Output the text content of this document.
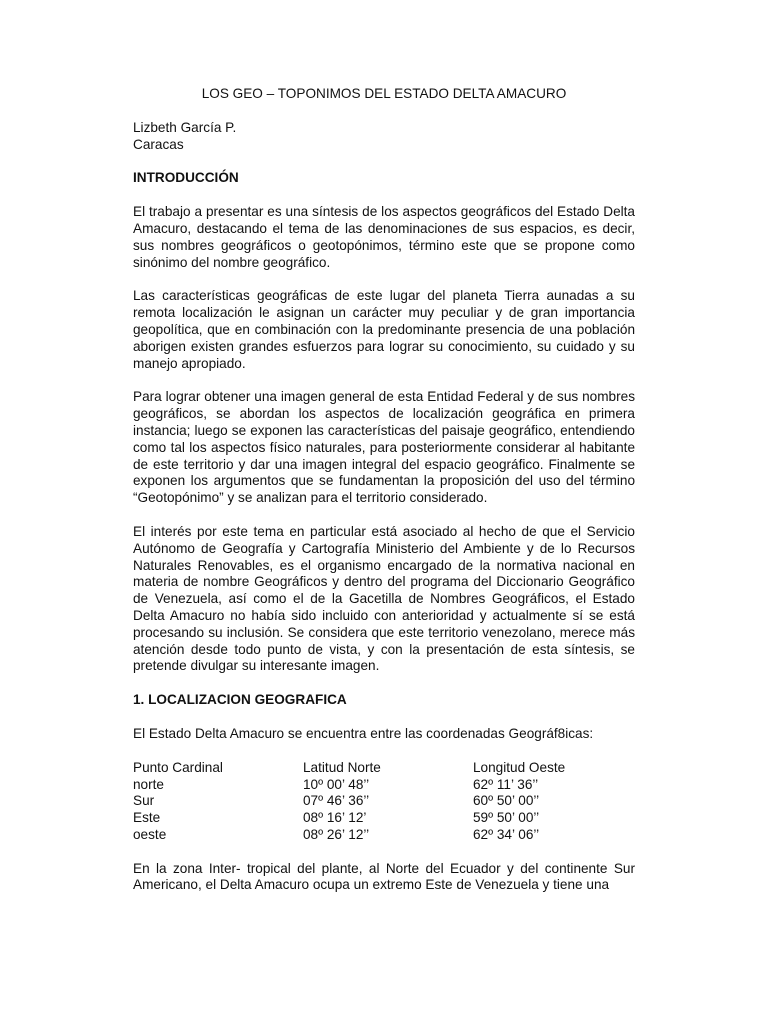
LOS GEO – TOPONIMOS DEL ESTADO DELTA AMACURO

Lizbeth García P.

Caracas

INTRODUCCIÓN

El trabajo a presentar es una síntesis de los aspectos geográficos del Estado Delta Amacuro, destacando el tema de las denominaciones de sus espacios, es decir, sus nombres geográficos o geotopónimos, término este que se propone como sinónimo del nombre geográfico.

Las características geográficas de este lugar del planeta Tierra aunadas a su remota localización le asignan un carácter muy peculiar y de gran importancia geopolítica, que en combinación con la predominante presencia de una población aborigen existen grandes esfuerzos para lograr su conocimiento, su cuidado y su manejo apropiado.

Para lograr obtener una imagen general de esta Entidad Federal y de sus nombres geográficos, se abordan los aspectos de localización geográfica en primera instancia; luego se exponen las características del paisaje geográfico, entendiendo como tal los aspectos físico naturales, para posteriormente considerar al habitante de este territorio y dar una imagen integral del espacio geográfico. Finalmente se exponen los argumentos que se fundamentan la proposición del uso del término “Geotopónimo” y se analizan para el territorio considerado.

El interés por este tema en particular está asociado al hecho de que el Servicio Autónomo de Geografía y Cartografía Ministerio del Ambiente y de lo Recursos Naturales Renovables, es el organismo encargado de la normativa nacional en materia de nombre Geográficos y dentro del programa del Diccionario Geográfico de Venezuela, así como el de la Gacetilla de Nombres Geográficos, el Estado Delta Amacuro no había sido incluido con anterioridad y actualmente sí se está procesando su inclusión. Se considera que este territorio venezolano, merece más atención desde todo punto de vista, y con la presentación de esta síntesis, se pretende divulgar su interesante imagen.

1. LOCALIZACION GEOGRAFICA

El Estado Delta Amacuro se encuentra entre las coordenadas Geográf8icas:

Punto Cardinal	Latitud Norte	Longitud Oeste
norte	10º 00’ 48’’	62º 11’ 36’’
Sur	07º 46’ 36’’	60º 50’ 00’’
Este	08º 16’ 12’	59º 50’ 00’’
oeste	08º 26’ 12’’	62º 34’ 06’’

En la zona Inter- tropical del plante, al Norte del Ecuador y del continente Sur Americano, el Delta Amacuro ocupa un extremo Este de Venezuela y tiene una
